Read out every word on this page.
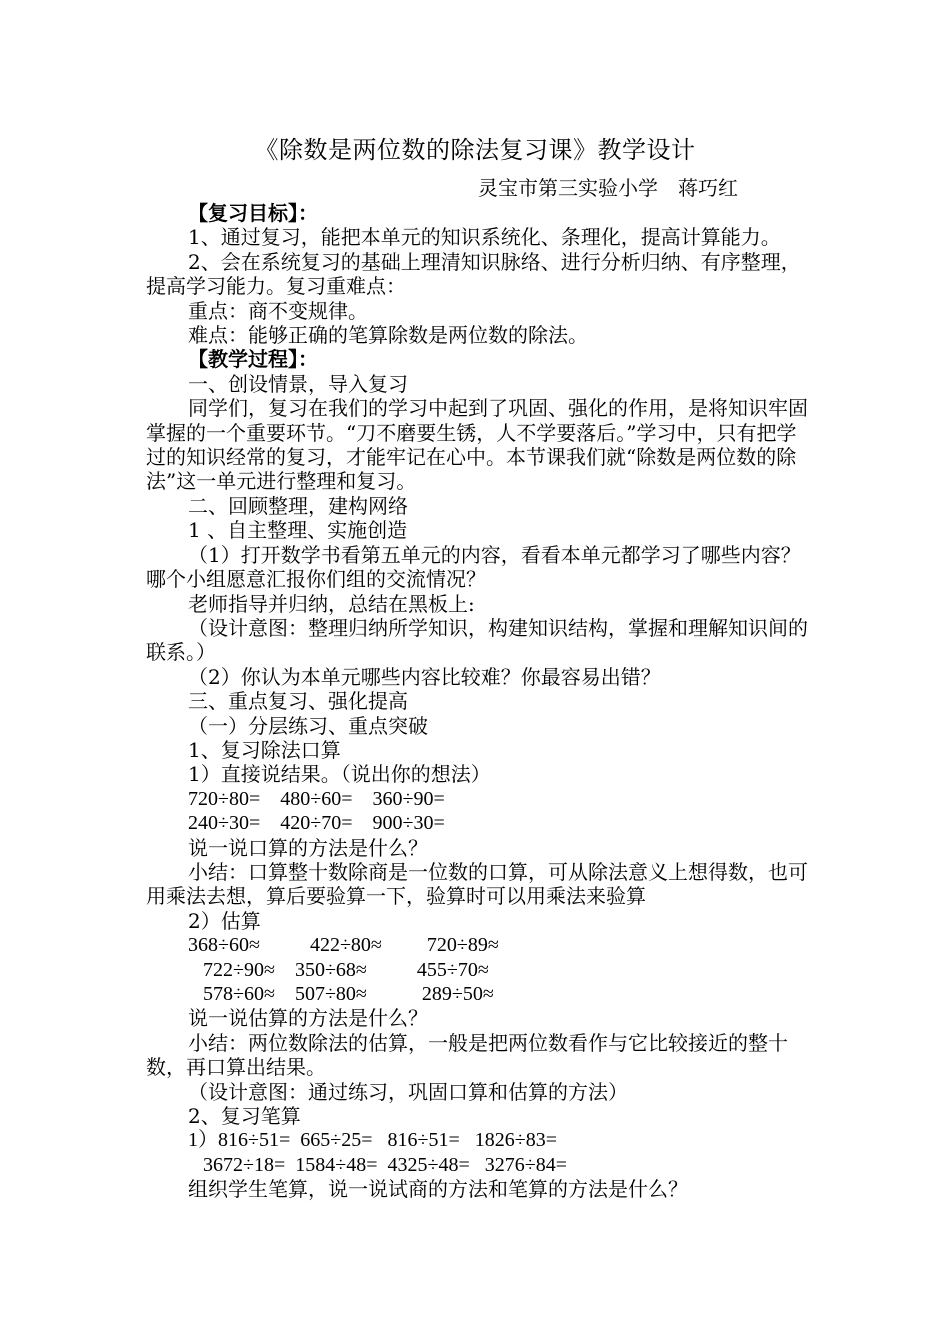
《除数是两位数的除法复习课》教学设计
灵宝市第三实验小学　蒋巧红

【复习目标】：

1、通过复习，能把本单元的知识系统化、条理化，提高计算能力。

2、会在系统复习的基础上理清知识脉络、进行分析归纳、有序整理，提高学习能力。复习重难点：

重点：商不变规律。

难点：能够正确的笔算除数是两位数的除法。

【教学过程】：

一、创设情景，导入复习

同学们，复习在我们的学习中起到了巩固、强化的作用，是将知识牢固掌握的一个重要环节。“刀不磨要生锈，人不学要落后。”学习中，只有把学过的知识经常的复习，才能牢记在心中。本节课我们就“除数是两位数的除法”这一单元进行整理和复习。

二、回顾整理，建构网络

1 、自主整理、实施创造

（1）打开数学书看第五单元的内容，看看本单元都学习了哪些内容？哪个小组愿意汇报你们组的交流情况？

老师指导并归纳，总结在黑板上:

（设计意图：整理归纳所学知识，构建知识结构，掌握和理解知识间的联系。）

（2）你认为本单元哪些内容比较难？你最容易出错？

三、重点复习、强化提高

（一）分层练习、重点突破

1、复习除法口算

1）直接说结果。（说出你的想法）

720÷80=    480÷60=    360÷90=

240÷30=    420÷70=    900÷30=

说一说口算的方法是什么？

小结：口算整十数除商是一位数的口算，可从除法意义上想得数，也可用乘法去想，算后要验算一下，验算时可以用乘法来验算

2）估算

368÷60≈          422÷80≈         720÷89≈

722÷90≈    350÷68≈          455÷70≈

578÷60≈    507÷80≈           289÷50≈

说一说估算的方法是什么？

小结：两位数除法的估算，一般是把两位数看作与它比较接近的整十数，再口算出结果。

（设计意图：通过练习，巩固口算和估算的方法）

2、复习笔算

1）816÷51=  665÷25=   816÷51=   1826÷83=

3672÷18=  1584÷48=  4325÷48=   3276÷84=

组织学生笔算，说一说试商的方法和笔算的方法是什么？
